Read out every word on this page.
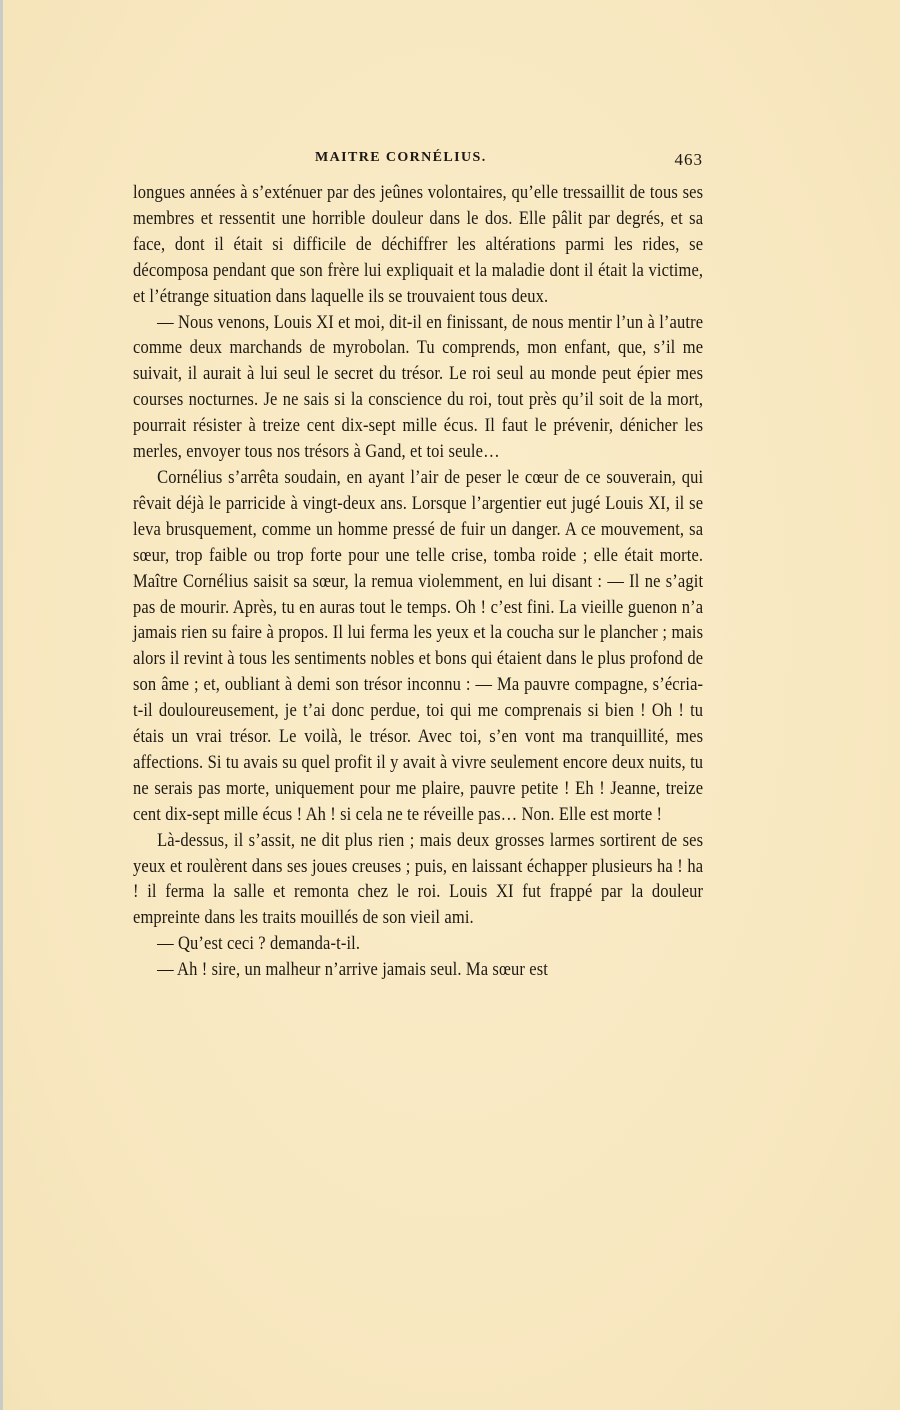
MAITRE CORNÉLIUS.	463

longues années à s’exténuer par des jeûnes volontaires, qu’elle tressaillit de tous ses membres et ressentit une horrible douleur dans le dos. Elle pâlit par degrés, et sa face, dont il était si difficile de déchiffrer les altérations parmi les rides, se décomposa pendant que son frère lui expliquait et la maladie dont il était la victime, et l’étrange situation dans laquelle ils se trouvaient tous deux.

— Nous venons, Louis XI et moi, dit-il en finissant, de nous mentir l’un à l’autre comme deux marchands de myrobolan. Tu comprends, mon enfant, que, s’il me suivait, il aurait à lui seul le secret du trésor. Le roi seul au monde peut épier mes courses nocturnes. Je ne sais si la conscience du roi, tout près qu’il soit de la mort, pourrait résister à treize cent dix-sept mille écus. Il faut le prévenir, dénicher les merles, envoyer tous nos trésors à Gand, et toi seule…

Cornélius s’arrêta soudain, en ayant l’air de peser le cœur de ce souverain, qui rêvait déjà le parricide à vingt-deux ans. Lorsque l’argentier eut jugé Louis XI, il se leva brusquement, comme un homme pressé de fuir un danger. A ce mouvement, sa sœur, trop faible ou trop forte pour une telle crise, tomba roide ; elle était morte. Maître Cornélius saisit sa sœur, la remua violemment, en lui disant : — Il ne s’agit pas de mourir. Après, tu en auras tout le temps. Oh ! c’est fini. La vieille guenon n’a jamais rien su faire à propos. Il lui ferma les yeux et la coucha sur le plancher ; mais alors il revint à tous les sentiments nobles et bons qui étaient dans le plus profond de son âme ; et, oubliant à demi son trésor inconnu : — Ma pauvre compagne, s’écria-t-il douloureusement, je t’ai donc perdue, toi qui me comprenais si bien ! Oh ! tu étais un vrai trésor. Le voilà, le trésor. Avec toi, s’en vont ma tranquillité, mes affections. Si tu avais su quel profit il y avait à vivre seulement encore deux nuits, tu ne serais pas morte, uniquement pour me plaire, pauvre petite ! Eh ! Jeanne, treize cent dix-sept mille écus ! Ah ! si cela ne te réveille pas… Non. Elle est morte !

Là-dessus, il s’assit, ne dit plus rien ; mais deux grosses larmes sortirent de ses yeux et roulèrent dans ses joues creuses ; puis, en laissant échapper plusieurs ha ! ha ! il ferma la salle et remonta chez le roi. Louis XI fut frappé par la douleur empreinte dans les traits mouillés de son vieil ami.

— Qu’est ceci ? demanda-t-il.

— Ah ! sire, un malheur n’arrive jamais seul. Ma sœur est
